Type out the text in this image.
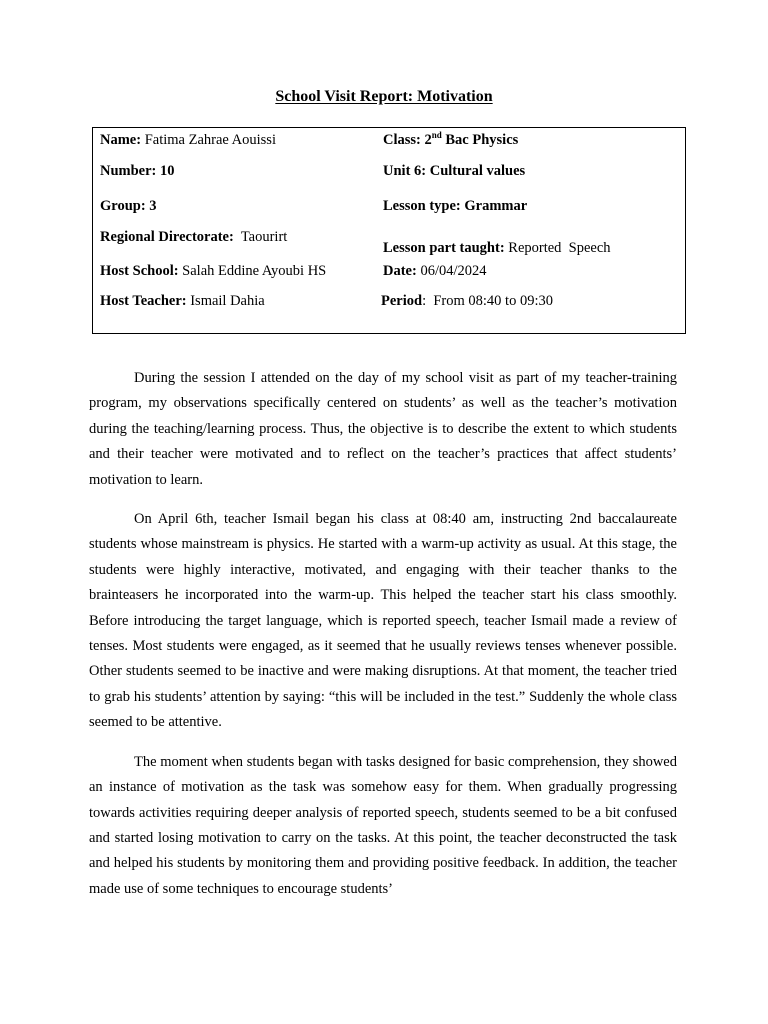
School Visit Report: Motivation
Name: Fatima Zahrae Aouissi
Number: 10
Group: 3
Regional Directorate: Taourirt
Host School: Salah Eddine Ayoubi HS
Host Teacher: Ismail Dahia
Class: 2nd Bac Physics
Unit 6: Cultural values
Lesson type: Grammar
Lesson part taught: Reported  Speech
Date: 06/04/2024
Period:  From 08:40 to 09:30

During the session I attended on the day of my school visit as part of my teacher-training program, my observations specifically centered on students’ as well as the teacher’s motivation during the teaching/learning process. Thus, the objective is to describe the extent to which students and their teacher were motivated and to reflect on the teacher’s practices that affect students’ motivation to learn.

On April 6th, teacher Ismail began his class at 08:40 am, instructing 2nd baccalaureate students whose mainstream is physics. He started with a warm-up activity as usual. At this stage, the students were highly interactive, motivated, and engaging with their teacher thanks to the brainteasers he incorporated into the warm-up. This helped the teacher start his class smoothly. Before introducing the target language, which is reported speech, teacher Ismail made a review of tenses. Most students were engaged, as it seemed that he usually reviews tenses whenever possible. Other students seemed to be inactive and were making disruptions. At that moment, the teacher tried to grab his students’ attention by saying: “this will be included in the test.” Suddenly the whole class seemed to be attentive.

The moment when students began with tasks designed for basic comprehension, they showed an instance of motivation as the task was somehow easy for them. When gradually progressing towards activities requiring deeper analysis of reported speech, students seemed to be a bit confused and started losing motivation to carry on the tasks. At this point, the teacher deconstructed the task and helped his students by monitoring them and providing positive feedback. In addition, the teacher made use of some techniques to encourage students’
